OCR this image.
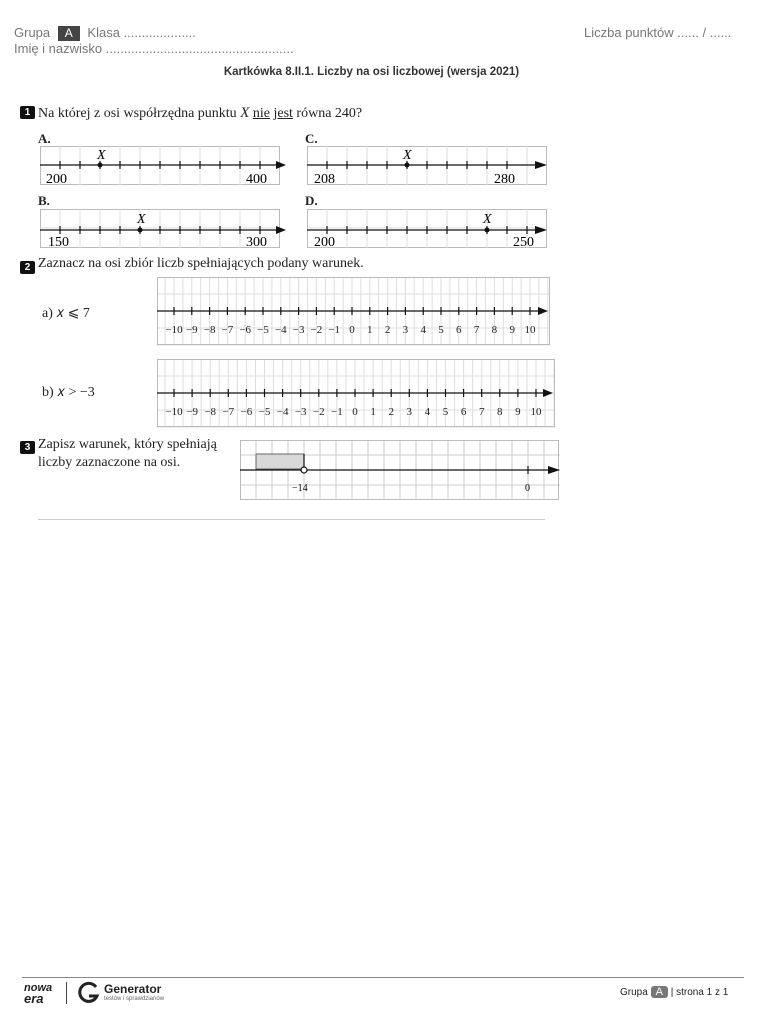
Grupa A Klasa ....................
Imię i nazwisko ....................................................
Liczba punktów ...... / ......
Kartkówka 8.II.1. Liczby na osi liczbowej (wersja 2021)
1 Na której z osi współrzędna punktu X nie jest równa 240?
A.
B.
C.
D.
X
200	400
X
150	300
X
208	280
X
200	250
2 Zaznacz na osi zbiór liczb spełniających podany warunek.
a) 𝑥 ⩽ 7
b) 𝑥 > −3
−10 −9 −8 −7 −6 −5 −4 −3 −2 −1 0 1 2 3 4 5 6 7 8 9 10
−10 −9 −8 −7 −6 −5 −4 −3 −2 −1 0 1 2 3 4 5 6 7 8 9 10
3 Zapisz warunek, który spełniają
liczby zaznaczone na osi.
−14	0
nowa
era
Generator
testów i sprawdzianów
Grupa A | strona 1 z 1
